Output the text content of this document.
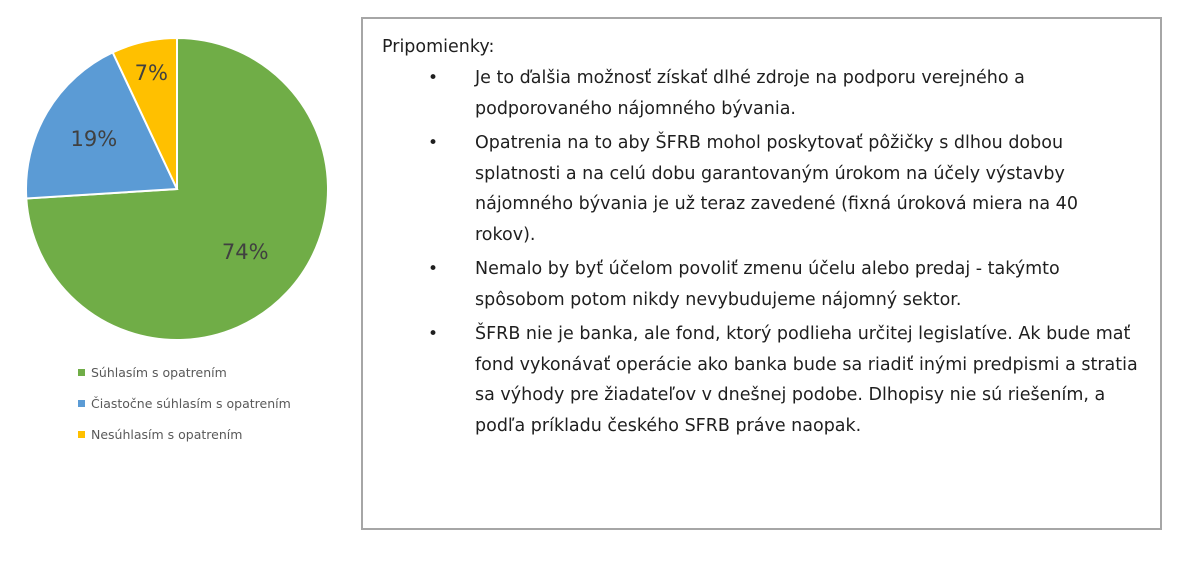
74%
19%
7%
Súhlasím s opatrením
Čiastočne súhlasím s opatrením
Nesúhlasím s opatrením
Pripomienky:
• Je to ďalšia možnosť získať dlhé zdroje na podporu verejného a podporovaného nájomného bývania.
• Opatrenia na to aby ŠFRB mohol poskytovať pôžičky s dlhou dobou splatnosti a na celú dobu garantovaným úrokom na účely výstavby nájomného bývania je už teraz zavedené (fixná úroková miera na 40 rokov).
• Nemalo by byť účelom povoliť zmenu účelu alebo predaj - takýmto spôsobom potom nikdy nevybudujeme nájomný sektor.
• ŠFRB nie je banka, ale fond, ktorý podlieha určitej legislatíve. Ak bude mať fond vykonávať operácie ako banka bude sa riadiť inými predpismi a stratia sa výhody pre žiadateľov v dnešnej podobe. Dlhopisy nie sú riešením, a podľa príkladu českého SFRB práve naopak.
